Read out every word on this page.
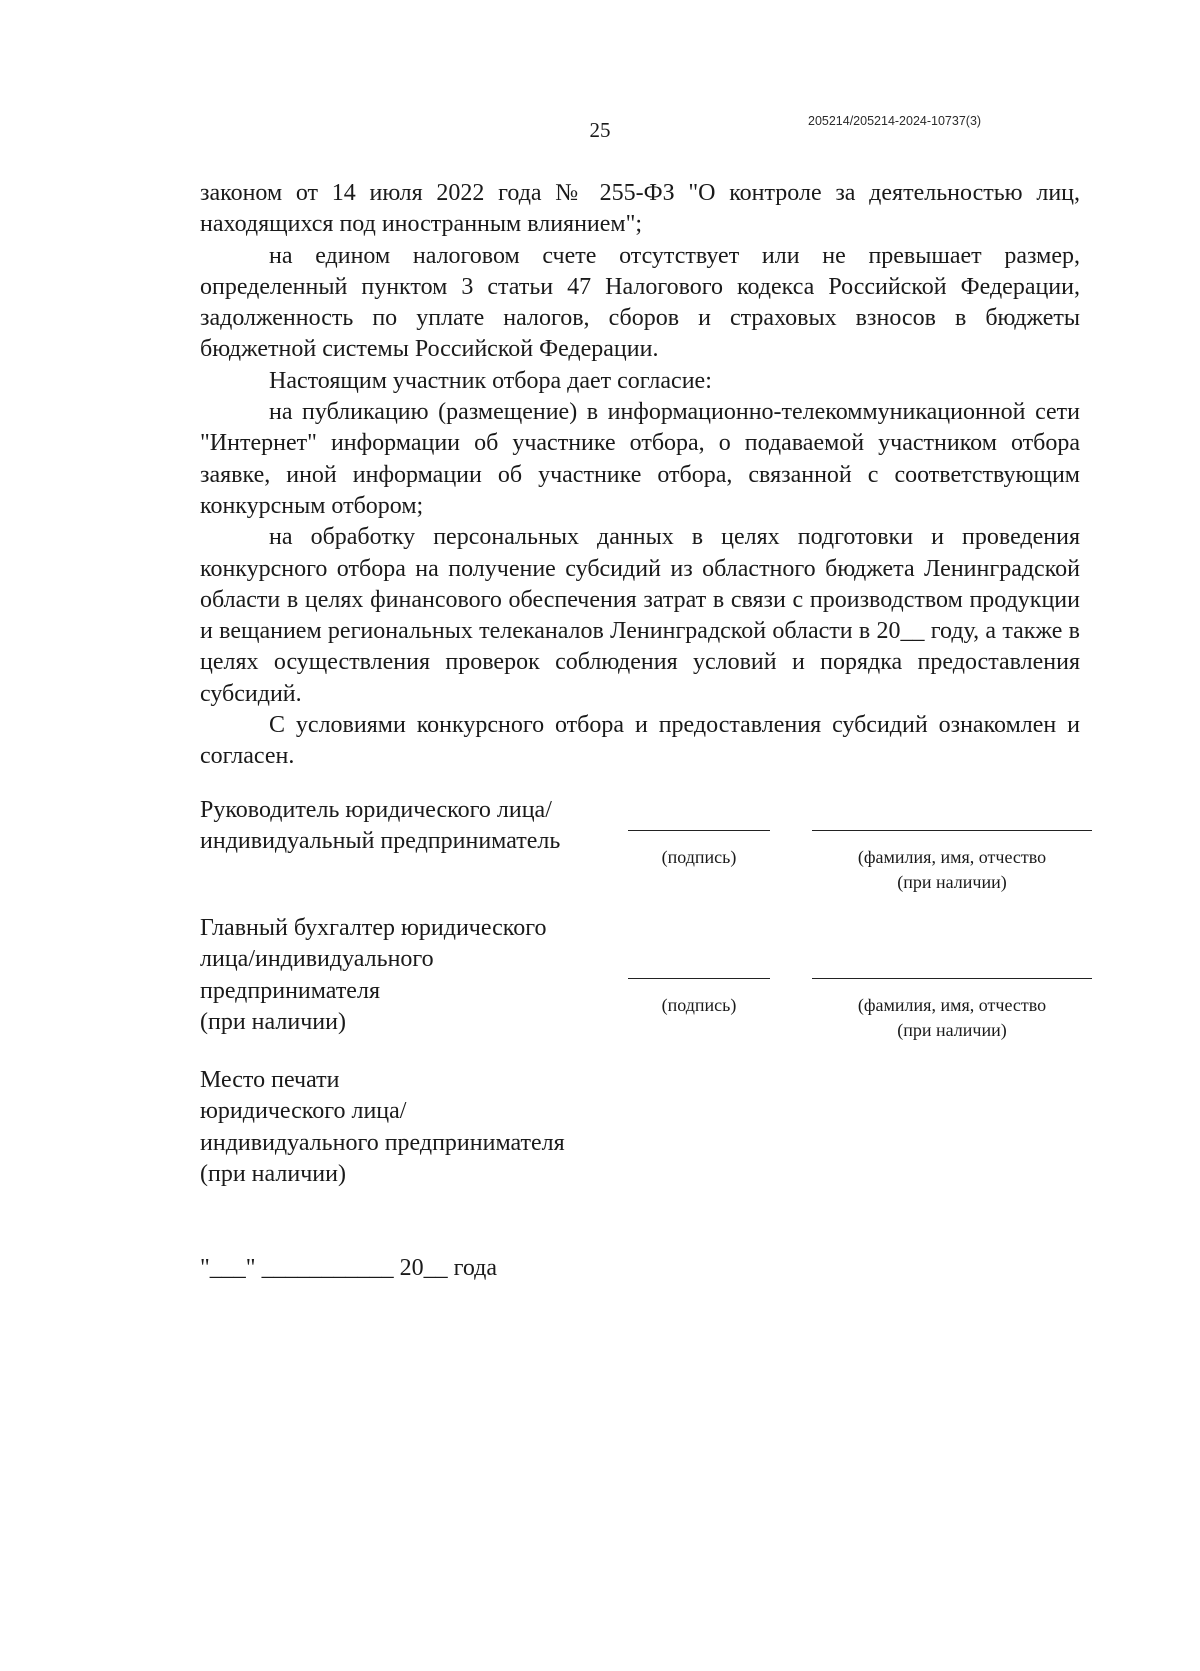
25	205214/205214-2024-10737(3)

законом от 14 июля 2022 года № 255-ФЗ "О контроле за деятельностью лиц, находящихся под иностранным влиянием";

на едином налоговом счете отсутствует или не превышает размер, определенный пунктом 3 статьи 47 Налогового кодекса Российской Федерации, задолженность по уплате налогов, сборов и страховых взносов в бюджеты бюджетной системы Российской Федерации.

Настоящим участник отбора дает согласие:

на публикацию (размещение) в информационно-телекоммуникационной сети "Интернет" информации об участнике отбора, о подаваемой участником отбора заявке, иной информации об участнике отбора, связанной с соответствующим конкурсным отбором;

на обработку персональных данных в целях подготовки и проведения конкурсного отбора на получение субсидий из областного бюджета Ленинградской области в целях финансового обеспечения затрат в связи с производством продукции и вещанием региональных телеканалов Ленинградской области в 20__ году, а также в целях осуществления проверок соблюдения условий и порядка предоставления субсидий.

С условиями конкурсного отбора и предоставления субсидий ознакомлен и согласен.

Руководитель юридического лица/
индивидуальный предприниматель
(подпись)	(фамилия, имя, отчество
(при наличии)
Главный бухгалтер юридического
лица/индивидуального
предпринимателя
(при наличии)
(подпись)	(фамилия, имя, отчество
(при наличии)
Место печати
юридического лица/
индивидуального предпринимателя
(при наличии)
"___" ___________ 20__ года
